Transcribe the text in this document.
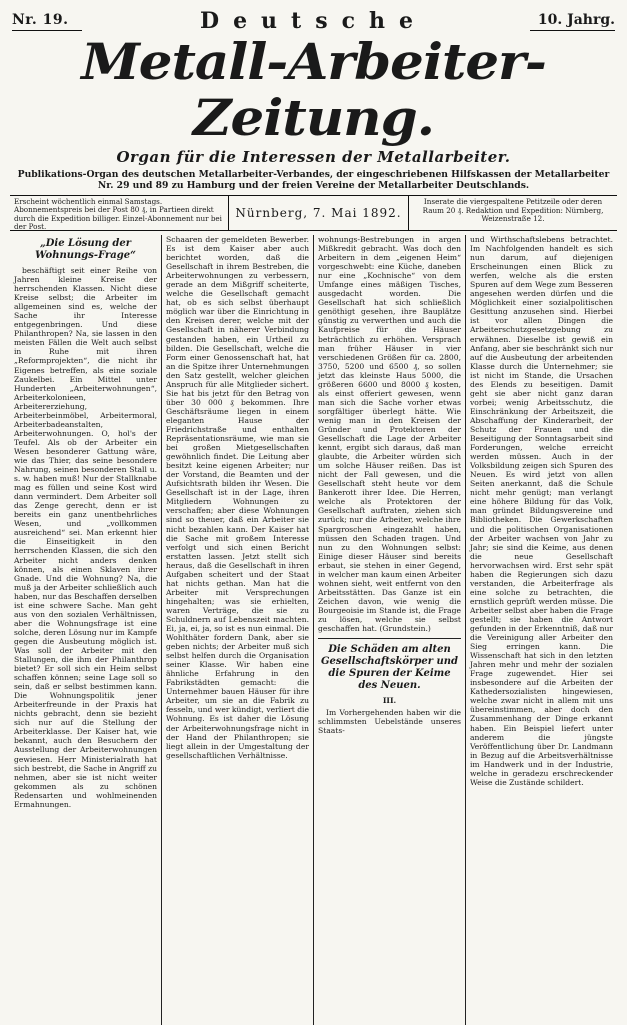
Nr. 19.	Deutsche	10. Jahrg.
Metall-Arbeiter-Zeitung.
Organ für die Interessen der Metallarbeiter.
Publikations-Organ des deutschen Metallarbeiter-Verbandes, der eingeschriebenen Hilfskassen der Metallarbeiter Nr. 29 und 89 zu Hamburg und der freien Vereine der Metallarbeiter Deutschlands.
Erscheint wöchentlich einmal Samstags. Abonnementspreis bei der Post 80 ₰, in Partieen direkt durch die Expedition billiger. Einzel-Abonnement nur bei der Post.
Nürnberg, 7. Mai 1892.
Inserate die viergespaltene Petitzeile oder deren Raum 20 ₰. Redaktion und Expedition: Nürnberg, Weizenstraße 12.
„Die Lösung der Wohnungs-Frage“
beschäftigt seit einer Reihe von Jahren kleine Kreise der herrschenden Klassen. Nicht diese Kreise selbst; die Arbeiter im allgemeinen sind es, welche der Sache ihr Interesse entgegenbringen. Und diese Philanthropen? Na, sie lassen in den meisten Fällen die Welt auch selbst in Ruhe mit ihren „Reformprojekten“, die nicht ihr Eigenes betreffen, als eine soziale Zaukelbei. Ein Mittel unter Hunderten „Arbeiterwohnungen“, Arbeiterkolonieen, Arbeitererziehung, Arbeiterbeinmöbel, Arbeitermoral, Arbeiterbadeanstalten, Arbeiterwohnungen. O, hol's der Teufel. Als ob der Arbeiter ein Wesen besonderer Gattung wäre, wie das Thier, das seine besondere Nahrung, seinen besonderen Stall u. s. w. haben muß! Nur der Stallknabe mag es füllen und seine Kost wird dann vermindert. Dem Arbeiter soll das Zenge gerecht, denn er ist bereits ein ganz unentbehrliches Wesen, und „vollkommen ausreichend“ sei. Man erkennt hier die Einseitigkeit in den herrschenden Klassen, die sich den Arbeiter nicht anders denken können, als einen Sklaven ihrer Gnade. Und die Wohnung? Na, die muß ja der Arbeiter schließlich auch haben, nur das Beschaffen derselben ist eine schwere Sache. Man geht aus von den sozialen Verhältnissen, aber die Wohnungsfrage ist eine solche, deren Lösung nur im Kampfe gegen die Ausbeutung möglich ist. Was soll der Arbeiter mit den Stallungen, die ihm der Philanthrop bietet? Er soll sich ein Heim selbst schaffen können; seine Lage soll so sein, daß er selbst bestimmen kann. Die Wohnungspolitik jener Arbeiterfreunde in der Praxis hat nichts gebracht, denn sie bezieht sich nur auf die Stellung der Arbeiterklasse. Der Kaiser hat, wie bekannt, auch den Besuchern der Ausstellung der Arbeiterwohnungen gewiesen. Herr Ministerialrath hat sich bestrebt, die Sache in Angriff zu nehmen, aber sie ist nicht weiter gekommen als zu schönen Redensarten und wohlmeinenden Ermahnungen.
Schaaren der gemeldeten Bewerber. Es ist dem Kaiser aber auch berichtet worden, daß die Gesellschaft in ihrem Bestreben, die Arbeiterwohnungen zu verbessern, gerade an dem Mißgriff scheiterte, welche die Gesellschaft gemacht hat, ob es sich selbst überhaupt möglich war über die Einrichtung in den Kreisen derer, welche mit der Gesellschaft in näherer Verbindung gestanden haben, ein Urtheil zu bilden. Die Gesellschaft, welche die Form einer Genossenschaft hat, hat an die Spitze ihrer Unternehmungen den Satz gestellt, welcher gleichen Anspruch für alle Mitglieder sichert. Sie hat bis jetzt für den Betrag von über 30 000 ₰ bekommen. Ihre Geschäftsräume liegen in einem eleganten Hause der Friedrichstraße und enthalten Repräsentationsräume, wie man sie bei großen Mietgesellschaften gewöhnlich findet. Die Leitung aber besitzt keine eigenen Arbeiter; nur der Vorstand, die Beamten und der Aufsichtsrath bilden ihr Wesen. Die Gesellschaft ist in der Lage, ihren Mitgliedern Wohnungen zu verschaffen; aber diese Wohnungen sind so theuer, daß ein Arbeiter sie nicht bezahlen kann. Der Kaiser hat die Sache mit großem Interesse verfolgt und sich einen Bericht erstatten lassen. Jetzt stellt sich heraus, daß die Gesellschaft in ihren Aufgaben scheitert und der Staat hat nichts gethan. Man hat die Arbeiter mit Versprechungen hingehalten; was sie erhielten, waren Verträge, die sie zu Schuldnern auf Lebenszeit machten. Ei, ja, ei, ja, so ist es nun einmal. Die Wohlthäter fordern Dank, aber sie geben nichts; der Arbeiter muß sich selbst helfen durch die Organisation seiner Klasse. Wir haben eine ähnliche Erfahrung in den Fabrikstädten gemacht: die Unternehmer bauen Häuser für ihre Arbeiter, um sie an die Fabrik zu fesseln, und wer kündigt, verliert die Wohnung. Es ist daher die Lösung der Arbeiterwohnungsfrage nicht in der Hand der Philanthropen; sie liegt allein in der Umgestaltung der gesellschaftlichen Verhältnisse.
wohnungs-Bestrebungen in argen Mißkredit gebracht. Was doch den Arbeitern in dem „eigenen Heim“ vorgeschwebt: eine Küche, daneben nur eine „Kochnische“ von dem Umfange eines mäßigen Tisches, ausgedacht worden. Die Gesellschaft hat sich schließlich genöthigt gesehen, ihre Bauplätze günstig zu verwerthen und auch die Kaufpreise für die Häuser beträchtlich zu erhöhen. Versprach man früher Häuser in vier verschiedenen Größen für ca. 2800, 3750, 5200 und 6500 ₰, so sollen jetzt das kleinste Haus 5000, die größeren 6600 und 8000 ₰ kosten, als einst offeriert gewesen, wenn man sich die Sache vorher etwas sorgfältiger überlegt hätte. Wie wenig man in den Kreisen der Gründer und Protektoren der Gesellschaft die Lage der Arbeiter kennt, ergibt sich daraus, daß man glaubte, die Arbeiter würden sich um solche Häuser reißen. Das ist nicht der Fall gewesen, und die Gesellschaft steht heute vor dem Bankerott ihrer Idee. Die Herren, welche als Protektoren der Gesellschaft auftraten, ziehen sich zurück; nur die Arbeiter, welche ihre Spargroschen eingezahlt haben, müssen den Schaden tragen. Und nun zu den Wohnungen selbst: Einige dieser Häuser sind bereits erbaut, sie stehen in einer Gegend, in welcher man kaum einen Arbeiter wohnen sieht, weit entfernt von den Arbeitsstätten. Das Ganze ist ein Zeichen davon, wie wenig die Bourgeoisie im Stande ist, die Frage zu lösen, welche sie selbst geschaffen hat. (Grundstein.)
Die Schäden am alten Gesellschaftskörper und die Spuren der Keime des Neuen.
III.
Im Vorhergehenden haben wir die schlimmsten Uebelstände unseres Staats-
und Wirthschaftslebens betrachtet. Im Nachfolgenden handelt es sich nun darum, auf diejenigen Erscheinungen einen Blick zu werfen, welche als die ersten Spuren auf dem Wege zum Besseren angesehen werden dürfen und die Möglichkeit einer sozialpolitischen Gesittung anzusehen sind. Hierbei ist vor allen Dingen die Arbeiterschutzgesetzgebung zu erwähnen. Dieselbe ist gewiß ein Anfang, aber sie beschränkt sich nur auf die Ausbeutung der arbeitenden Klasse durch die Unternehmer; sie ist nicht im Stande, die Ursachen des Elends zu beseitigen. Damit geht sie aber nicht ganz daran vorbei; wenig Arbeitsschutz, die Einschränkung der Arbeitszeit, die Abschaffung der Kinderarbeit, der Schutz der Frauen und die Beseitigung der Sonntagsarbeit sind Forderungen, welche erreicht werden müssen. Auch in der Volksbildung zeigen sich Spuren des Neuen. Es wird jetzt von allen Seiten anerkannt, daß die Schule nicht mehr genügt; man verlangt eine höhere Bildung für das Volk, man gründet Bildungsvereine und Bibliotheken. Die Gewerkschaften und die politischen Organisationen der Arbeiter wachsen von Jahr zu Jahr; sie sind die Keime, aus denen die neue Gesellschaft hervorwachsen wird. Erst sehr spät haben die Regierungen sich dazu verstanden, die Arbeiterfrage als eine solche zu betrachten, die ernstlich geprüft werden müsse. Die Arbeiter selbst aber haben die Frage gestellt; sie haben die Antwort gefunden in der Erkenntniß, daß nur die Vereinigung aller Arbeiter den Sieg erringen kann. Die Wissenschaft hat sich in den letzten Jahren mehr und mehr der sozialen Frage zugewendet. Hier sei insbesondere auf die Arbeiten der Kathedersozialisten hingewiesen, welche zwar nicht in allem mit uns übereinstimmen, aber doch den Zusammenhang der Dinge erkannt haben. Ein Beispiel liefert unter anderem die jüngste Veröffentlichung über Dr. Landmann in Bezug auf die Arbeitsverhältnisse im Handwerk und in der Industrie, welche in geradezu erschreckender Weise die Zustände schildert.
